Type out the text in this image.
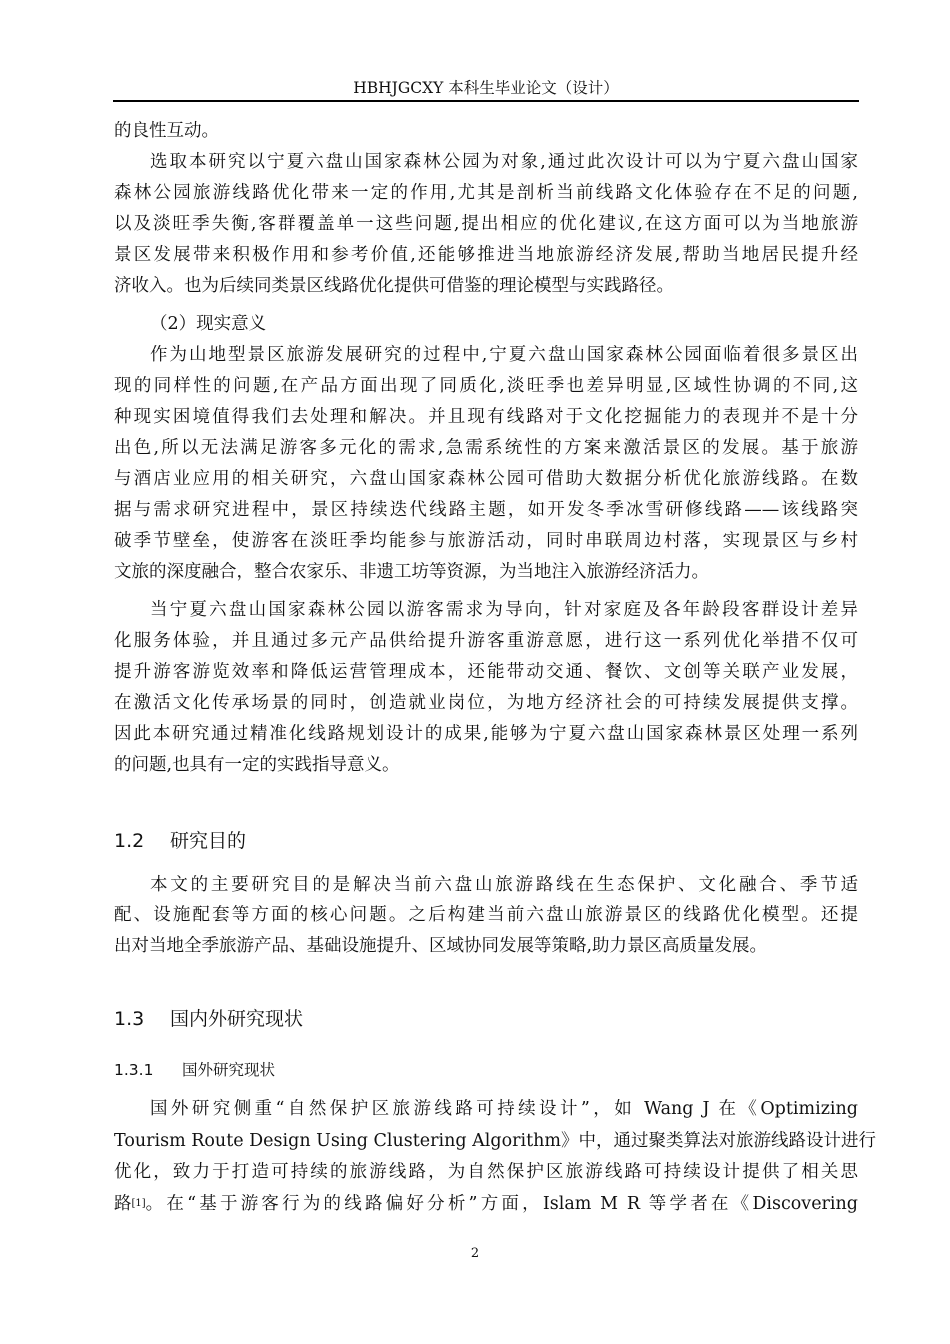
HBHJGCXY 本科生毕业论文（设计）
的良性互动。
选取本研究以宁夏六盘山国家森林公园为对象,通过此次设计可以为宁夏六盘山国家
森林公园旅游线路优化带来一定的作用,尤其是剖析当前线路文化体验存在不足的问题,
以及淡旺季失衡,客群覆盖单一这些问题,提出相应的优化建议,在这方面可以为当地旅游
景区发展带来积极作用和参考价值,还能够推进当地旅游经济发展,帮助当地居民提升经
济收入。也为后续同类景区线路优化提供可借鉴的理论模型与实践路径。
（2）现实意义
作为山地型景区旅游发展研究的过程中,宁夏六盘山国家森林公园面临着很多景区出
现的同样性的问题,在产品方面出现了同质化,淡旺季也差异明显,区域性协调的不同,这
种现实困境值得我们去处理和解决。并且现有线路对于文化挖掘能力的表现并不是十分
出色,所以无法满足游客多元化的需求,急需系统性的方案来激活景区的发展。基于旅游
与酒店业应用的相关研究，六盘山国家森林公园可借助大数据分析优化旅游线路。在数
据与需求研究进程中，景区持续迭代线路主题，如开发冬季冰雪研修线路——该线路突
破季节壁垒，使游客在淡旺季均能参与旅游活动，同时串联周边村落，实现景区与乡村
文旅的深度融合，整合农家乐、非遗工坊等资源，为当地注入旅游经济活力。
当宁夏六盘山国家森林公园以游客需求为导向，针对家庭及各年龄段客群设计差异
化服务体验，并且通过多元产品供给提升游客重游意愿，进行这一系列优化举措不仅可
提升游客游览效率和降低运营管理成本，还能带动交通、餐饮、文创等关联产业发展，
在激活文化传承场景的同时，创造就业岗位，为地方经济社会的可持续发展提供支撑。
因此本研究通过精准化线路规划设计的成果,能够为宁夏六盘山国家森林景区处理一系列
的问题,也具有一定的实践指导意义。
1.2 研究目的
本文的主要研究目的是解决当前六盘山旅游路线在生态保护、文化融合、季节适
配、设施配套等方面的核心问题。之后构建当前六盘山旅游景区的线路优化模型。还提
出对当地全季旅游产品、基础设施提升、区域协同发展等策略,助力景区高质量发展。
1.3 国内外研究现状
1.3.1 国外研究现状
国外研究侧重“自然保护区旅游线路可持续设计”，如 Wang J 在《Optimizing
Tourism Route Design Using Clustering Algorithm》中，通过聚类算法对旅游线路设计进行
优化，致力于打造可持续的旅游线路，为自然保护区旅游线路可持续设计提供了相关思
路 [1] 。在“基于游客行为的线路偏好分析”方面，Islam M R 等学者在《Discovering
2
